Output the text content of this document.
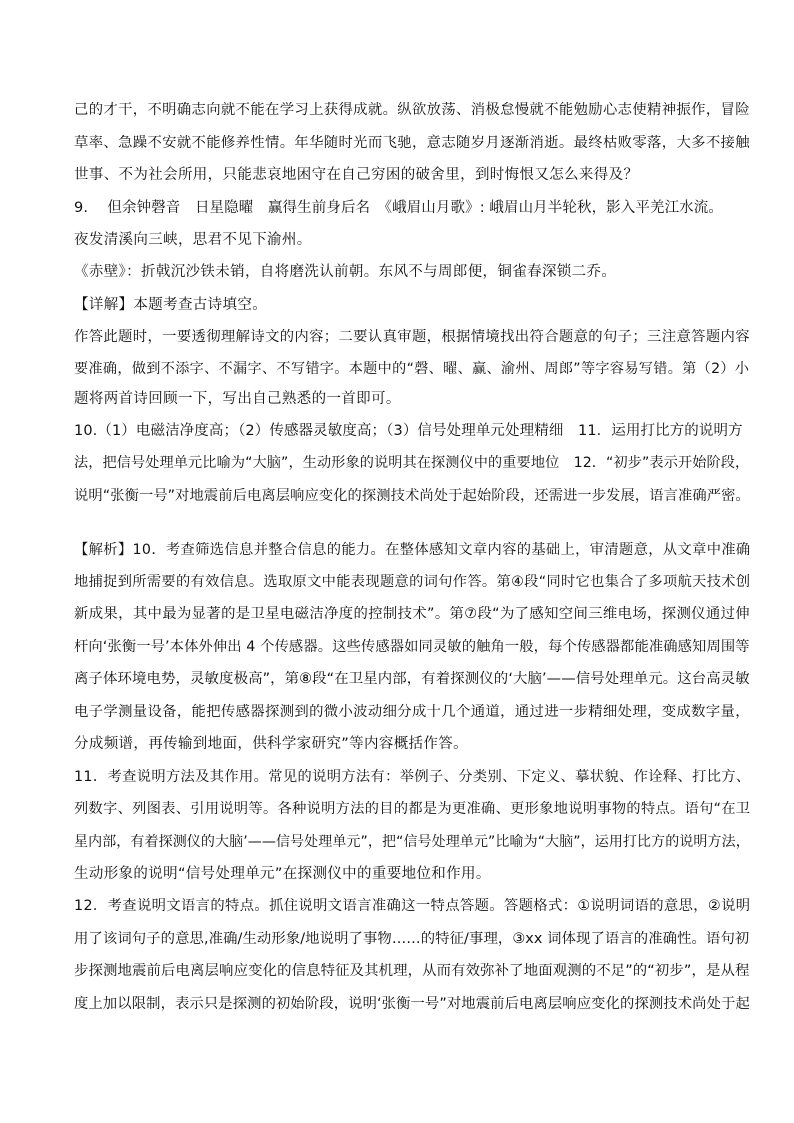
己的才干，不明确志向就不能在学习上获得成就。纵欲放荡、消极怠慢就不能勉励心志使精神振作，冒险
草率、急躁不安就不能修养性情。年华随时光而飞驰，意志随岁月逐渐消逝。最终枯败零落，大多不接触
世事、不为社会所用，只能悲哀地困守在自己穷困的破舍里，到时悔恨又怎么来得及？
9.　 但余钟磬音　日星隐曜　赢得生前身后名　《峨眉山月歌》: 峨眉山月半轮秋，影入平羌江水流。
夜发清溪向三峡，思君不见下渝州。
《赤壁》：折戟沉沙铁未销，自将磨洗认前朝。东风不与周郎便，铜雀春深锁二乔。
【详解】本题考查古诗填空。
作答此题时，一要透彻理解诗文的内容；二要认真审题，根据情境找出符合题意的句子；三注意答题内容
要准确，做到不添字、不漏字、不写错字。本题中的“磬、曜、赢、渝州、周郎”等字容易写错。第（2）小
题将两首诗回顾一下，写出自己熟悉的一首即可。
10.（1）电磁洁净度高；（2）传感器灵敏度高；（3）信号处理单元处理精细　11．运用打比方的说明方
法，把信号处理单元比喻为“大脑”，生动形象的说明其在探测仪中的重要地位　12．“初步”表示开始阶段，
说明“张衡一号”对地震前后电离层响应变化的探测技术尚处于起始阶段，还需进一步发展，语言准确严密。
【解析】10．考查筛选信息并整合信息的能力。在整体感知文章内容的基础上，审清题意，从文章中准确
地捕捉到所需要的有效信息。选取原文中能表现题意的词句作答。第④段“同时它也集合了多项航天技术创
新成果，其中最为显著的是卫星电磁洁净度的控制技术”。第⑦段“为了感知空间三维电场，探测仪通过伸
杆向‘张衡一号’本体外伸出 4 个传感器。这些传感器如同灵敏的触角一般，每个传感器都能准确感知周围等
离子体环境电势，灵敏度极高”，第⑧段“在卫星内部，有着探测仪的‘大脑’——信号处理单元。这台高灵敏
电子学测量设备，能把传感器探测到的微小波动细分成十几个通道，通过进一步精细处理，变成数字量，
分成频谱，再传输到地面，供科学家研究”等内容概括作答。
11．考查说明方法及其作用。常见的说明方法有：举例子、分类别、下定义、摹状貌、作诠释、打比方、
列数字、列图表、引用说明等。各种说明方法的目的都是为更准确、更形象地说明事物的特点。语句“在卫
星内部，有着探测仪的大脑’——信号处理单元”，把“信号处理单元”比喻为“大脑”，运用打比方的说明方法，
生动形象的说明“信号处理单元”在探测仪中的重要地位和作用。
12．考查说明文语言的特点。抓住说明文语言准确这一特点答题。答题格式：①说明词语的意思，②说明
用了该词句子的意思,准确/生动形象/地说明了事物……的特征/事理，③xx 词体现了语言的准确性。语句初
步探测地震前后电离层响应变化的信息特征及其机理，从而有效弥补了地面观测的不足”的“初步”，是从程
度上加以限制，表示只是探测的初始阶段，说明‘张衡一号”对地震前后电离层响应变化的探测技术尚处于起
